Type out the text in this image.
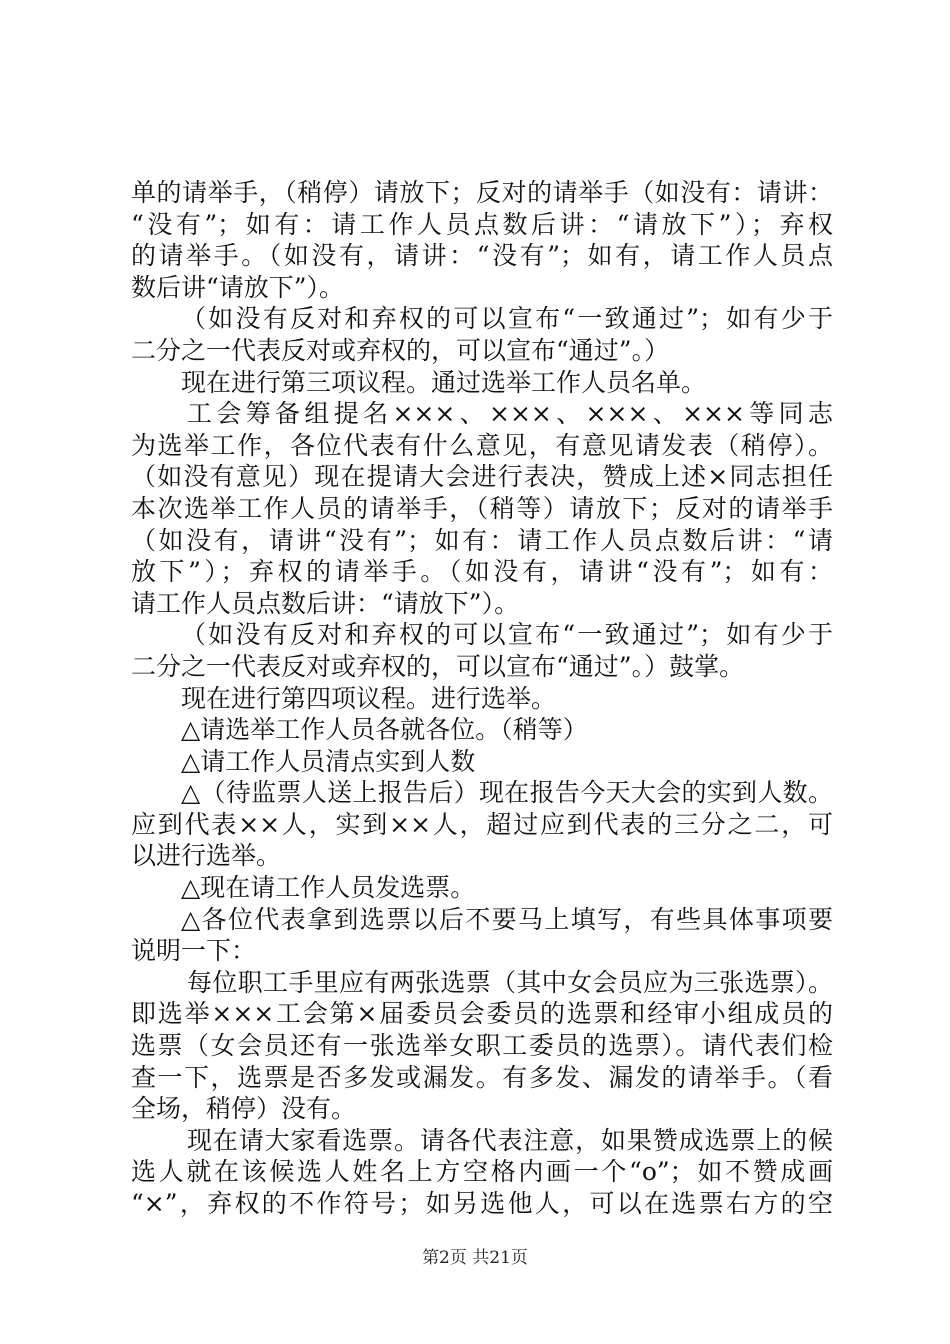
单的请举手，（稍停）请放下；反对的请举手（如没有：请讲：
“没有”；如有：请工作人员点数后讲：“请放下”）；弃权
的请举手。（如没有，请讲：“没有”；如有，请工作人员点
数后讲“请放下”）。
（如没有反对和弃权的可以宣布“一致通过”；如有少于
二分之一代表反对或弃权的，可以宣布“通过”。）
现在进行第三项议程。通过选举工作人员名单。
工会筹备组提名×××、×××、×××、×××等同志
为选举工作，各位代表有什么意见，有意见请发表（稍停）。
（如没有意见）现在提请大会进行表决，赞成上述×同志担任
本次选举工作人员的请举手，（稍等）请放下；反对的请举手
（如没有，请讲“没有”；如有：请工作人员点数后讲：“请
放下”）；弃权的请举手。（如没有，请讲“没有”；如有：
请工作人员点数后讲：“请放下”）。
（如没有反对和弃权的可以宣布“一致通过”；如有少于
二分之一代表反对或弃权的，可以宣布“通过”。）鼓掌。
现在进行第四项议程。进行选举。
△请选举工作人员各就各位。（稍等）
△请工作人员清点实到人数
△（待监票人送上报告后）现在报告今天大会的实到人数。
应到代表××人，实到××人，超过应到代表的三分之二，可
以进行选举。
△现在请工作人员发选票。
△各位代表拿到选票以后不要马上填写，有些具体事项要
说明一下：
每位职工手里应有两张选票（其中女会员应为三张选票）。
即选举×××工会第×届委员会委员的选票和经审小组成员的
选票（女会员还有一张选举女职工委员的选票）。请代表们检
查一下，选票是否多发或漏发。有多发、漏发的请举手。（看
全场，稍停）没有。
现在请大家看选票。请各代表注意，如果赞成选票上的候
选人就在该候选人姓名上方空格内画一个“o”；如不赞成画
“×”，弃权的不作符号；如另选他人，可以在选票右方的空
第2页 共21页
